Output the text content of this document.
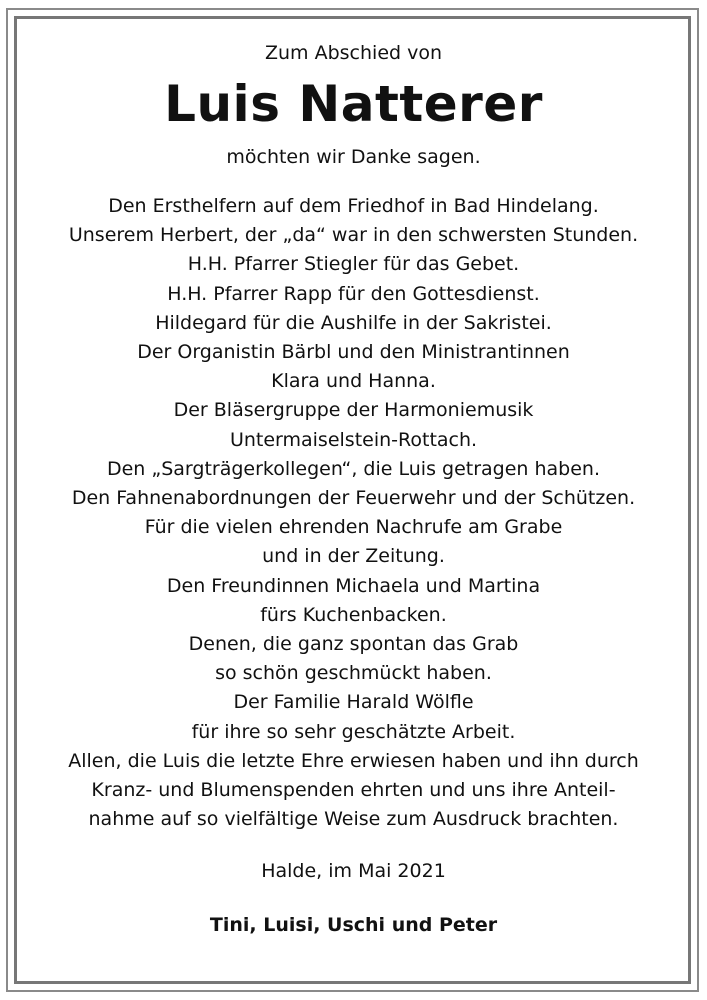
Zum Abschied von

Luis Natterer

möchten wir Danke sagen.

Den Ersthelfern auf dem Friedhof in Bad Hindelang.
Unserem Herbert, der „da“ war in den schwersten Stunden.
H.H. Pfarrer Stiegler für das Gebet.
H.H. Pfarrer Rapp für den Gottesdienst.
Hildegard für die Aushilfe in der Sakristei.
Der Organistin Bärbl und den Ministrantinnen
Klara und Hanna.
Der Bläsergruppe der Harmoniemusik
Untermaiselstein-Rottach.
Den „Sargträgerkollegen“, die Luis getragen haben.
Den Fahnenabordnungen der Feuerwehr und der Schützen.
Für die vielen ehrenden Nachrufe am Grabe
und in der Zeitung.
Den Freundinnen Michaela und Martina
fürs Kuchenbacken.
Denen, die ganz spontan das Grab
so schön geschmückt haben.
Der Familie Harald Wölfle
für ihre so sehr geschätzte Arbeit.
Allen, die Luis die letzte Ehre erwiesen haben und ihn durch
Kranz- und Blumenspenden ehrten und uns ihre Anteil-
nahme auf so vielfältige Weise zum Ausdruck brachten.

Halde, im Mai 2021

Tini, Luisi, Uschi und Peter
